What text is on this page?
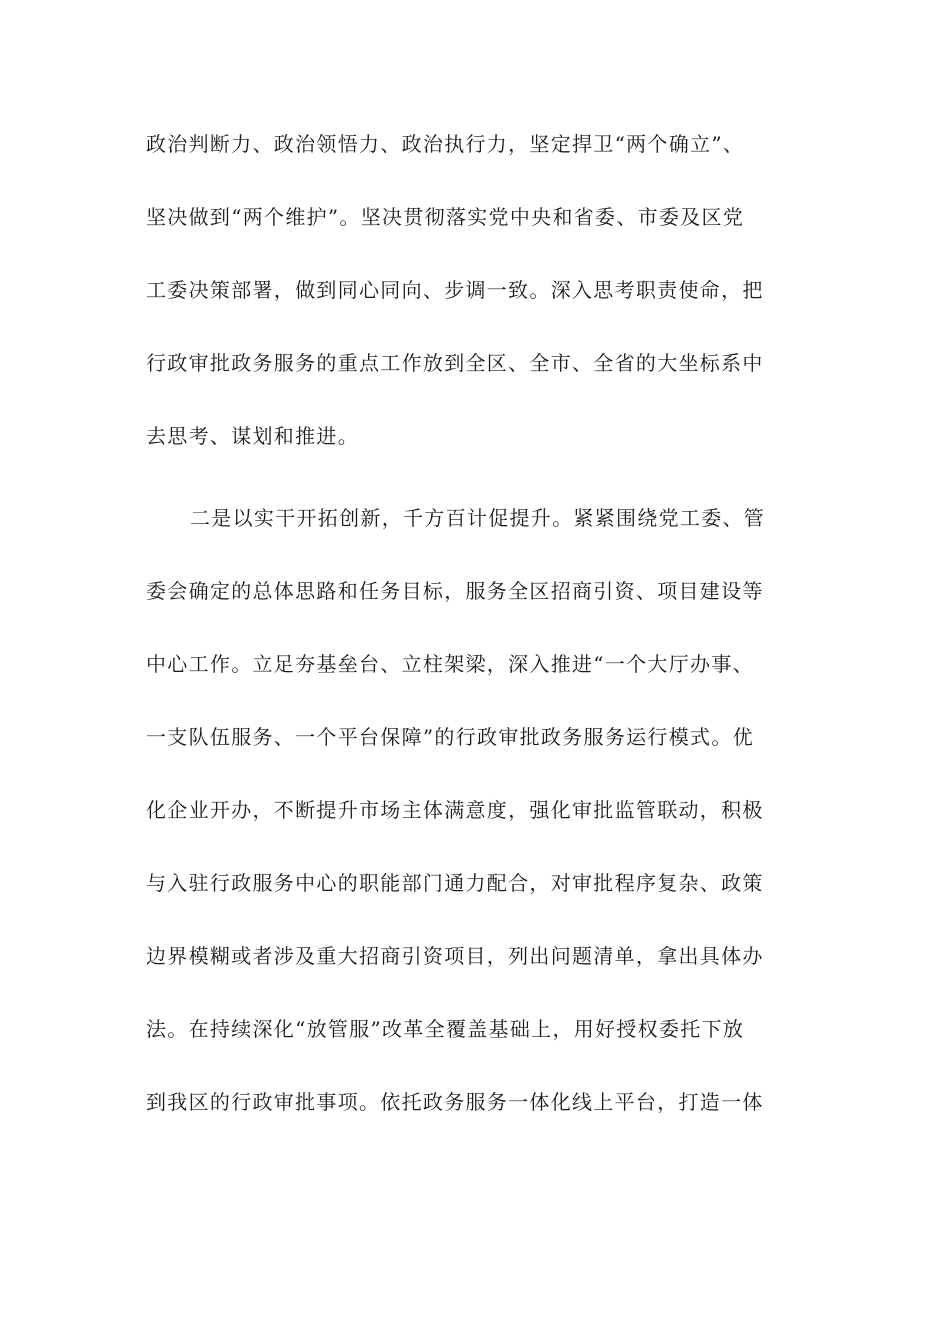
政治判断力、政治领悟力、政治执行力，坚定捍卫“两个确立”、
坚决做到“两个维护”。坚决贯彻落实党中央和省委、市委及区党
工委决策部署，做到同心同向、步调一致。深入思考职责使命，把
行政审批政务服务的重点工作放到全区、全市、全省的大坐标系中
去思考、谋划和推进。
二是以实干开拓创新，千方百计促提升。紧紧围绕党工委、管
委会确定的总体思路和任务目标，服务全区招商引资、项目建设等
中心工作。立足夯基垒台、立柱架梁，深入推进“一个大厅办事、
一支队伍服务、一个平台保障”的行政审批政务服务运行模式。优
化企业开办，不断提升市场主体满意度，强化审批监管联动，积极
与入驻行政服务中心的职能部门通力配合，对审批程序复杂、政策
边界模糊或者涉及重大招商引资项目，列出问题清单，拿出具体办
法。在持续深化“放管服”改革全覆盖基础上，用好授权委托下放
到我区的行政审批事项。依托政务服务一体化线上平台，打造一体
